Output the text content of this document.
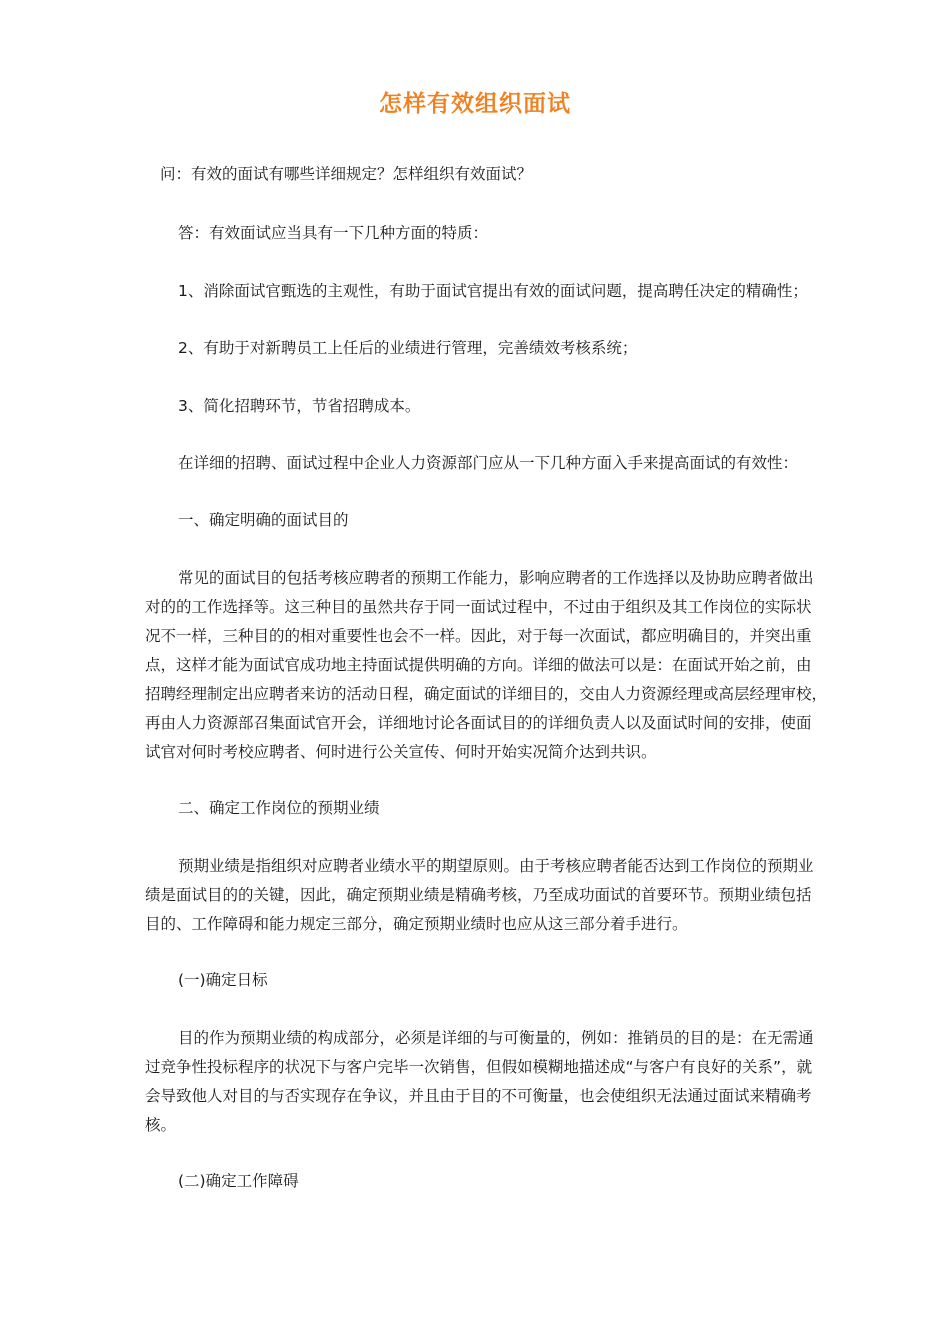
怎样有效组织面试

问：有效的面试有哪些详细规定？怎样组织有效面试？

答：有效面试应当具有一下几种方面的特质：

1、消除面试官甄选的主观性，有助于面试官提出有效的面试问题，提高聘任决定的精确性；

2、有助于对新聘员工上任后的业绩进行管理，完善绩效考核系统；

3、简化招聘环节，节省招聘成本。

在详细的招聘、面试过程中企业人力资源部门应从一下几种方面入手来提高面试的有效性：

一、确定明确的面试目的

常见的面试目的包括考核应聘者的预期工作能力，影响应聘者的工作选择以及协助应聘者做出
对的的工作选择等。这三种目的虽然共存于同一面试过程中，不过由于组织及其工作岗位的实际状
况不一样，三种目的的相对重要性也会不一样。因此，对于每一次面试，都应明确目的，并突出重
点，这样才能为面试官成功地主持面试提供明确的方向。详细的做法可以是：在面试开始之前，由
招聘经理制定出应聘者来访的活动日程，确定面试的详细目的，交由人力资源经理或高层经理审校，
再由人力资源部召集面试官开会，详细地讨论各面试目的的详细负责人以及面试时间的安排，使面
试官对何时考校应聘者、何时进行公关宣传、何时开始实况简介达到共识。

二、确定工作岗位的预期业绩

预期业绩是指组织对应聘者业绩水平的期望原则。由于考核应聘者能否达到工作岗位的预期业
绩是面试目的的关键，因此，确定预期业绩是精确考核，乃至成功面试的首要环节。预期业绩包括
目的、工作障碍和能力规定三部分，确定预期业绩时也应从这三部分着手进行。

(一)确定日标

目的作为预期业绩的构成部分，必须是详细的与可衡量的，例如：推销员的目的是：在无需通
过竞争性投标程序的状况下与客户完毕一次销售，但假如模糊地描述成“与客户有良好的关系”，就
会导致他人对目的与否实现存在争议，并且由于目的不可衡量，也会使组织无法通过面试来精确考
核。

(二)确定工作障碍
